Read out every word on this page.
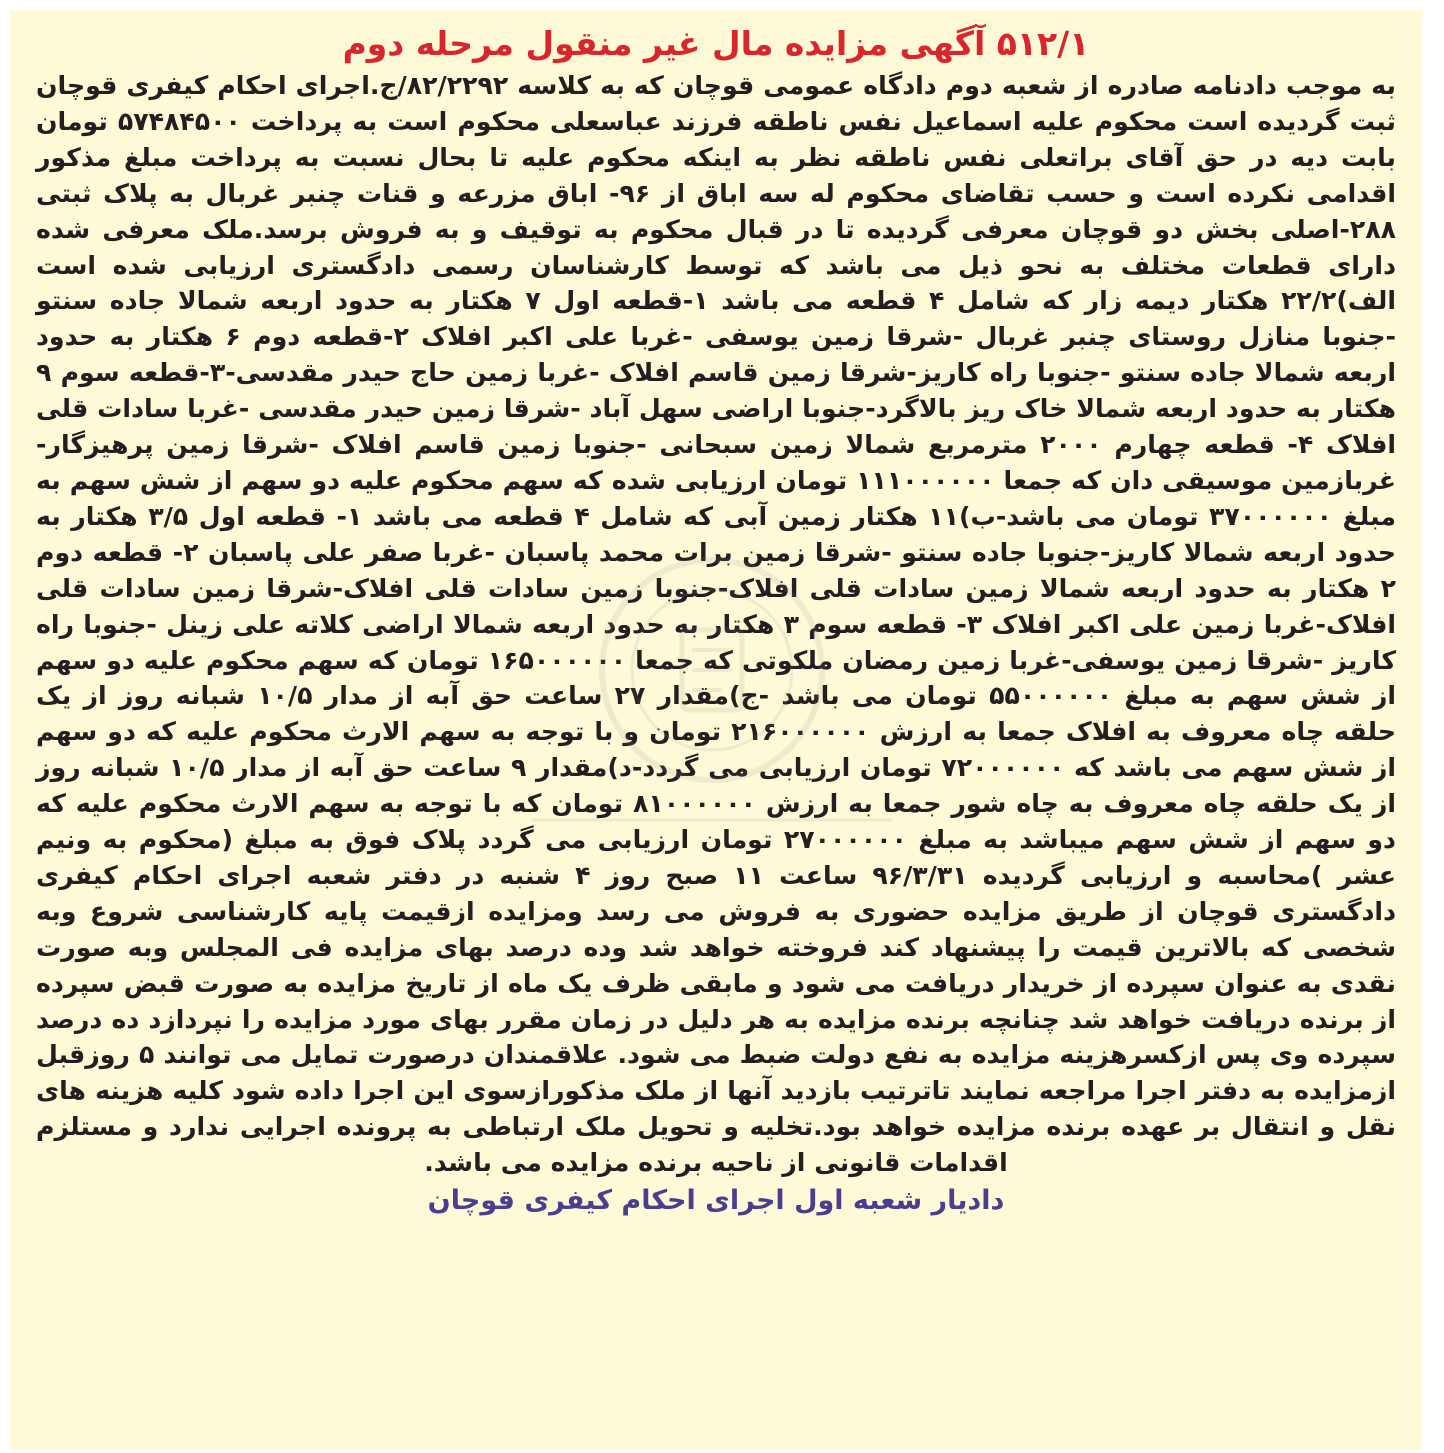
۵۱۲/۱ آگهی مزایده مال غیر منقول مرحله دوم

به موجب دادنامه صادره از شعبه دوم دادگاه عمومی قوچان که به کلاسه ۸۲/۲۲۹۲/ج.اجرای احکام کیفری قوچان ثبت گردیده است محکوم علیه اسماعیل نفس ناطقه فرزند عباسعلی محکوم است به پرداخت ۵۷۴۸۴۵۰۰ تومان بابت دیه در حق آقای براتعلی نفس ناطقه نظر به اینکه محکوم علیه تا بحال نسبت به پرداخت مبلغ مذکور اقدامی نکرده است و حسب تقاضای محکوم له سه اباق از ۹۶- اباق مزرعه و قنات چنبر غربال به پلاک ثبتی ۲۸۸-اصلی بخش دو قوچان معرفی گردیده تا در قبال محکوم به توقیف و به فروش برسد.ملک معرفی شده دارای قطعات مختلف به نحو ذیل می باشد که توسط کارشناسان رسمی دادگستری ارزیابی شده است الف)۲۲/۲ هکتار دیمه زار که شامل ۴ قطعه می باشد ۱-قطعه اول ۷ هکتار به حدود اربعه شمالا جاده سنتو -جنوبا منازل روستای چنبر غربال -شرقا زمین یوسفی -غربا علی اکبر افلاک ۲-قطعه دوم ۶ هکتار به حدود اربعه شمالا جاده سنتو -جنوبا راه کاریز-شرقا زمین قاسم افلاک -غربا زمین حاج حیدر مقدسی-۳-قطعه سوم ۹ هکتار به حدود اربعه شمالا خاک ریز بالاگرد-جنوبا اراضی سهل آباد -شرقا زمین حیدر مقدسی -غربا سادات قلی افلاک ۴- قطعه چهارم ۲۰۰۰ مترمربع شمالا زمین سبحانی -جنوبا زمین قاسم افلاک -شرقا زمین پرهیزگار-غربازمین موسیقی دان که جمعا ۱۱۱۰۰۰۰۰۰ تومان ارزیابی شده که سهم محکوم علیه دو سهم از شش سهم به مبلغ ۳۷۰۰۰۰۰۰ تومان می باشد-ب)۱۱ هکتار زمین آبی که شامل ۴ قطعه می باشد ۱- قطعه اول ۳/۵ هکتار به حدود اربعه شمالا کاریز-جنوبا جاده سنتو -شرقا زمین برات محمد پاسبان -غربا صفر علی پاسبان ۲- قطعه دوم ۲ هکتار به حدود اربعه شمالا زمین سادات قلی افلاک-جنوبا زمین سادات قلی افلاک-شرقا زمین سادات قلی افلاک-غربا زمین علی اکبر افلاک ۳- قطعه سوم ۳ هکتار به حدود اربعه شمالا اراضی کلاته علی زینل -جنوبا راه کاریز -شرقا زمین یوسفی-غربا زمین رمضان ملکوتی که جمعا ۱۶۵۰۰۰۰۰۰ تومان که سهم محکوم علیه دو سهم از شش سهم به مبلغ ۵۵۰۰۰۰۰۰ تومان می باشد -ج)مقدار ۲۷ ساعت حق آبه از مدار ۱۰/۵ شبانه روز از یک حلقه چاه معروف به افلاک جمعا به ارزش ۲۱۶۰۰۰۰۰۰ تومان و با توجه به سهم الارث محکوم علیه که دو سهم از شش سهم می باشد که ۷۲۰۰۰۰۰۰ تومان ارزیابی می گردد-د)مقدار ۹ ساعت حق آبه از مدار ۱۰/۵ شبانه روز از یک حلقه چاه معروف به چاه شور جمعا به ارزش ۸۱۰۰۰۰۰۰ تومان که با توجه به سهم الارث محکوم علیه که دو سهم از شش سهم میباشد به مبلغ ۲۷۰۰۰۰۰۰ تومان ارزیابی می گردد پلاک فوق به مبلغ (محکوم به ونیم عشر )محاسبه و ارزیابی گردیده ۹۶/۳/۳۱ ساعت ۱۱ صبح روز ۴ شنبه در دفتر شعبه اجرای احکام کیفری دادگستری قوچان از طریق مزایده حضوری به فروش می رسد ومزایده ازقیمت پایه کارشناسی شروع وبه شخصی که بالاترین قیمت را پیشنهاد کند فروخته خواهد شد وده درصد بهای مزایده فی المجلس وبه صورت نقدی به عنوان سپرده از خریدار دریافت می شود و مابقی ظرف یک ماه از تاریخ مزایده به صورت قبض سپرده از برنده دریافت خواهد شد چنانچه برنده مزایده به هر دلیل در زمان مقرر بهای مورد مزایده را نپردازد ده درصد سپرده وی پس ازکسرهزینه مزایده به نفع دولت ضبط می شود. علاقمندان درصورت تمایل می توانند ۵ روزقبل ازمزایده به دفتر اجرا مراجعه نمایند تاترتیب بازدید آنها از ملک مذکورازسوی این اجرا داده شود کلیه هزینه های نقل و انتقال بر عهده برنده مزایده خواهد بود.تخلیه و تحویل ملک ارتباطی به پرونده اجرایی ندارد و مستلزم اقدامات قانونی از ناحیه برنده مزایده می باشد.

دادیار شعبه اول اجرای احکام کیفری قوچان
